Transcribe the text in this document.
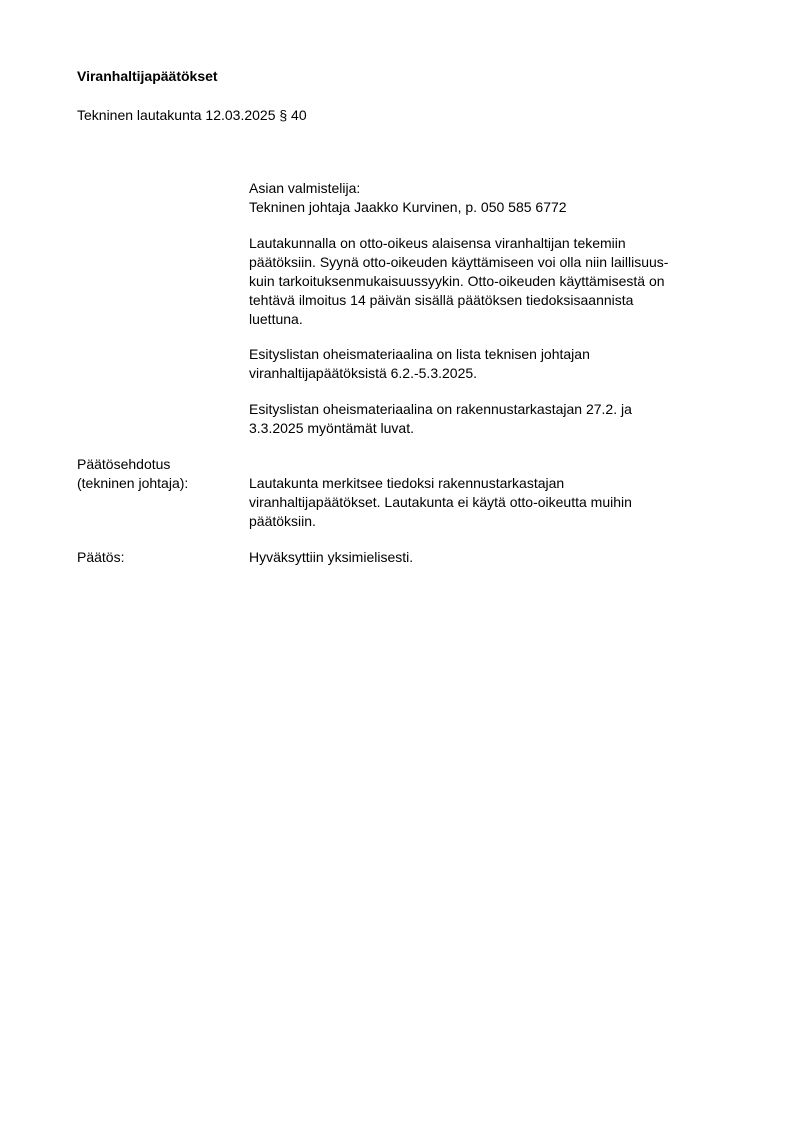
Viranhaltijapäätökset
Tekninen lautakunta 12.03.2025 § 40

Asian valmistelija:

Tekninen johtaja Jaakko Kurvinen, p. 050 585 6772

Lautakunnalla on otto-oikeus alaisensa viranhaltijan tekemiin

päätöksiin. Syynä otto-oikeuden käyttämiseen voi olla niin laillisuus-

kuin tarkoituksenmukaisuussyykin. Otto-oikeuden käyttämisestä on

tehtävä ilmoitus 14 päivän sisällä päätöksen tiedoksisaannista

luettuna.

Esityslistan oheismateriaalina on lista teknisen johtajan

viranhaltijapäätöksistä 6.2.-5.3.2025.

Esityslistan oheismateriaalina on rakennustarkastajan 27.2. ja

3.3.2025 myöntämät luvat.

Päätösehdotus

(tekninen johtaja):	Lautakunta merkitsee tiedoksi rakennustarkastajan

viranhaltijapäätökset. Lautakunta ei käytä otto-oikeutta muihin

päätöksiin.

Päätös:	Hyväksyttiin yksimielisesti.
